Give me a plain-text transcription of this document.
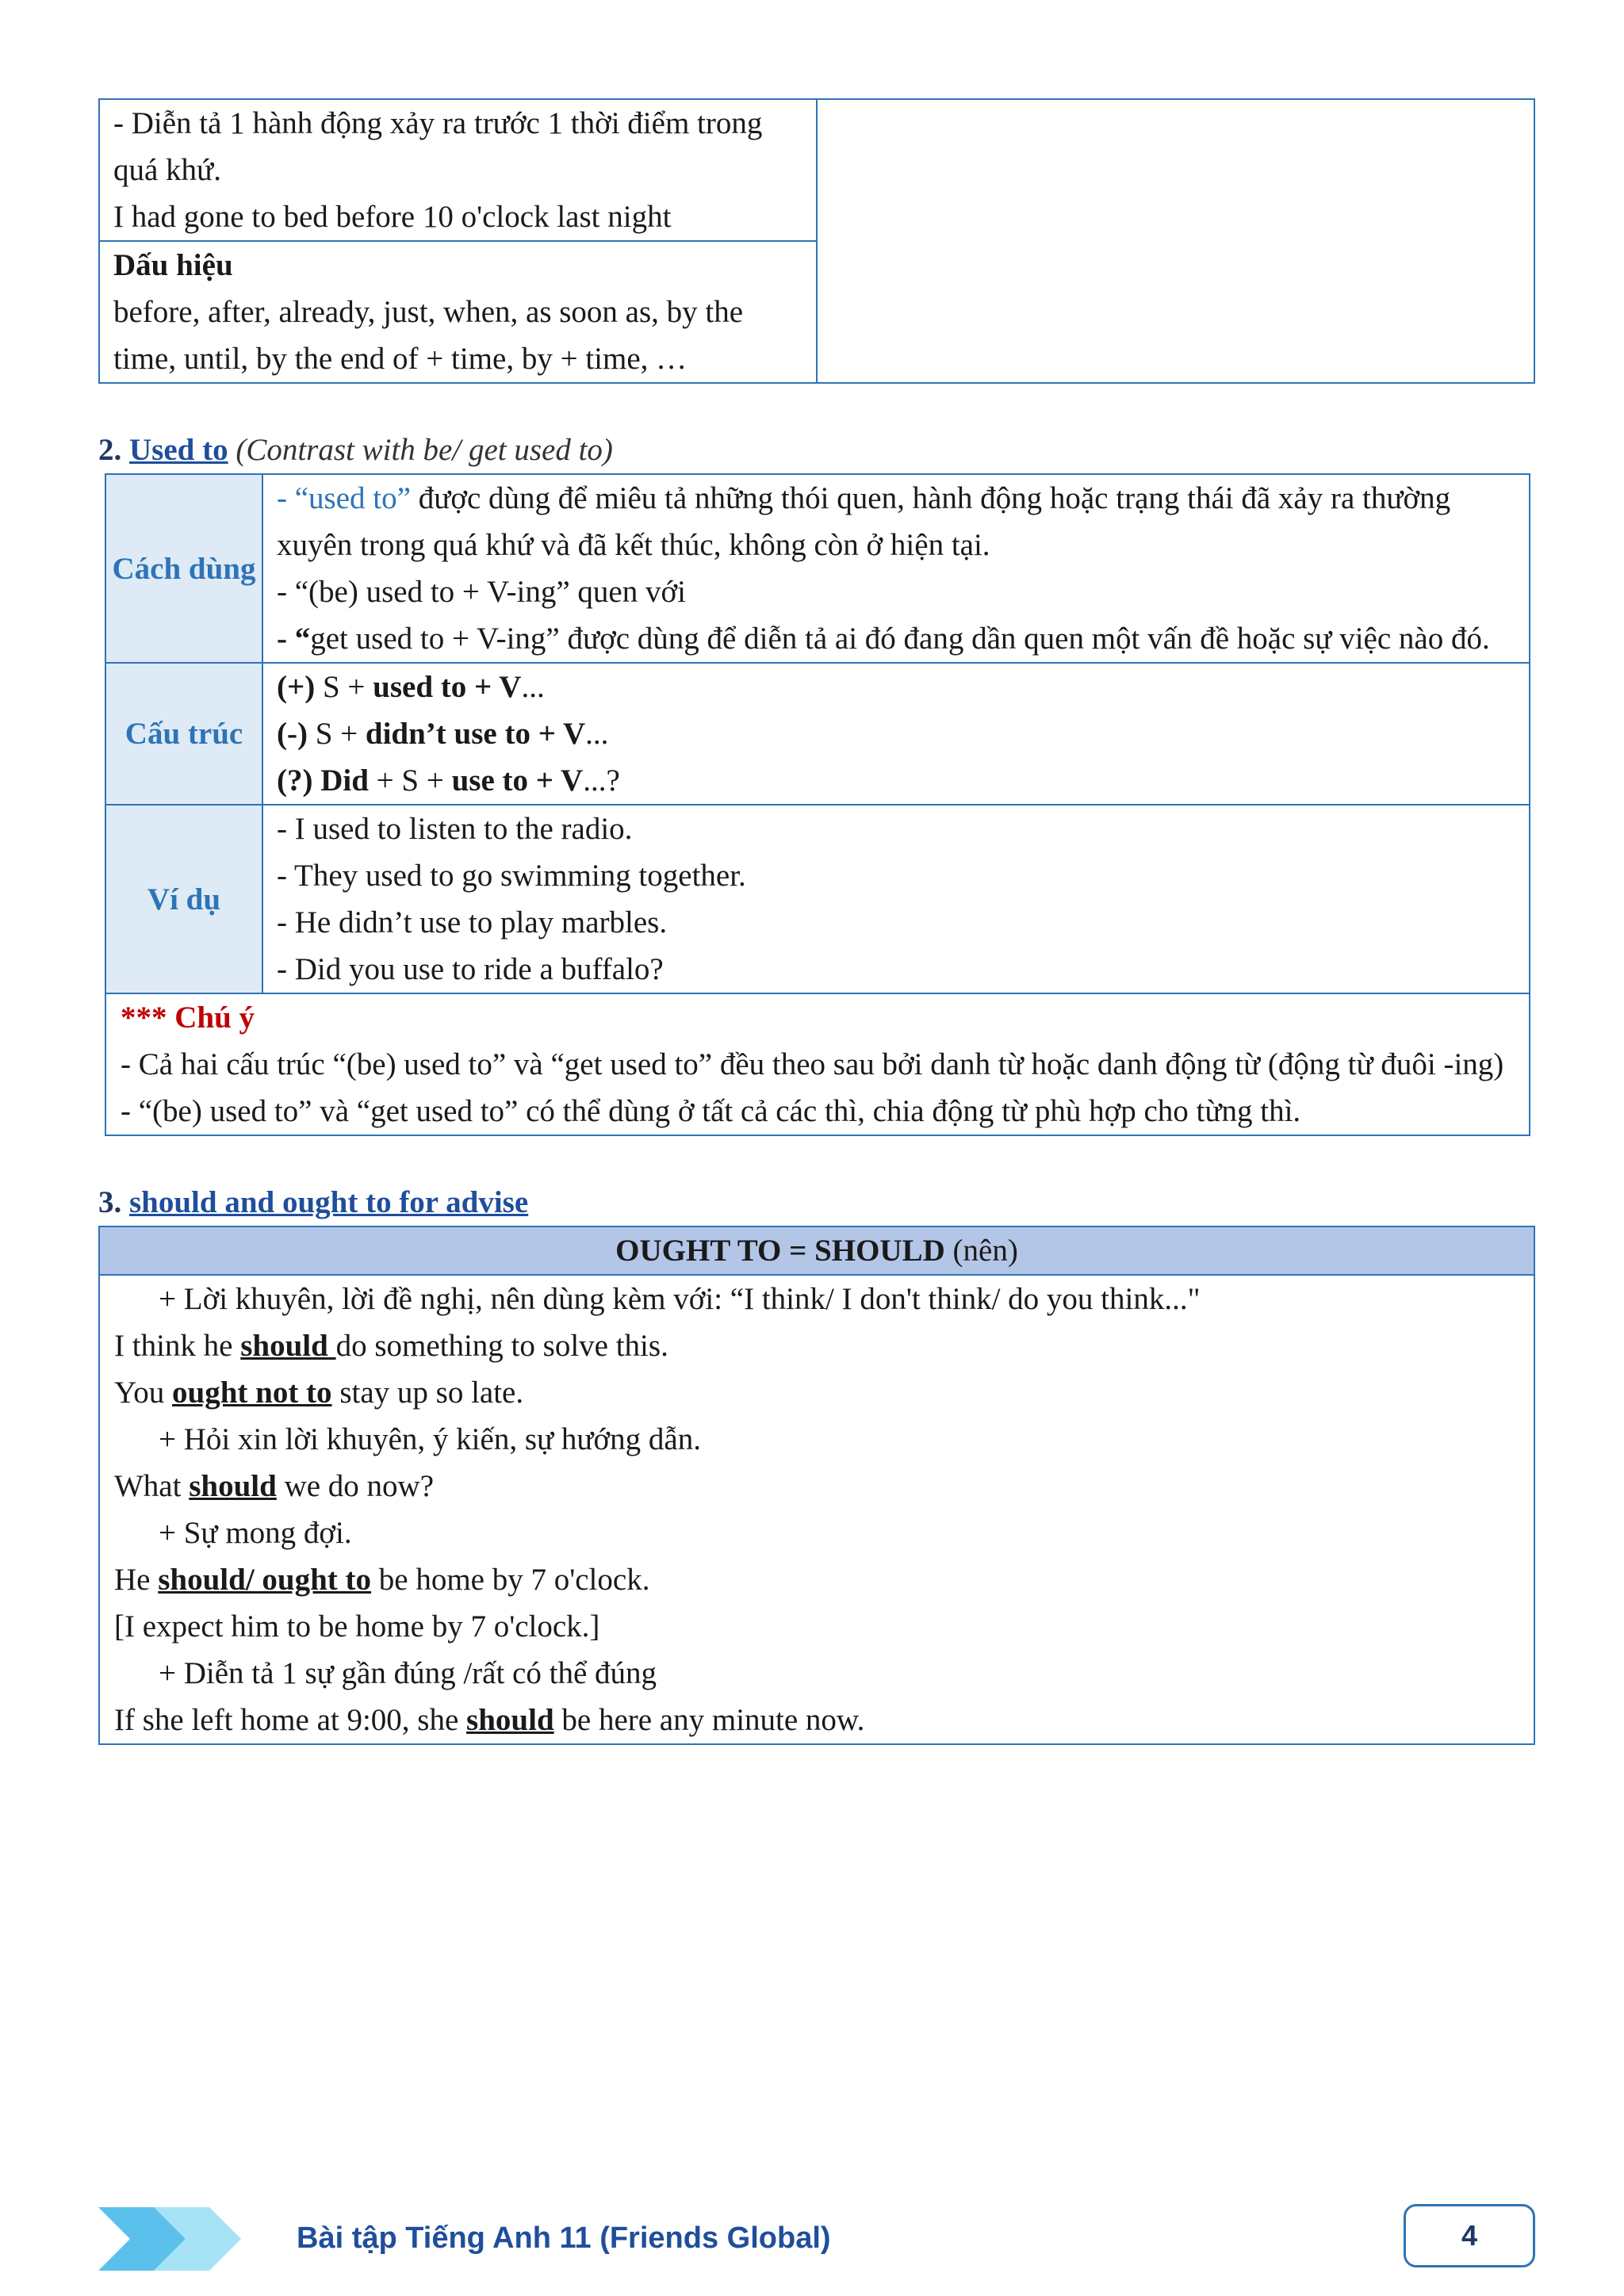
- Diễn tả 1 hành động xảy ra trước 1 thời điểm trong quá khứ.
I had gone to bed before 10 o'clock last night

Dấu hiệu
before, after, already, just, when, as soon as, by the time, until, by the end of + time, by + time, …
2. Used to (Contrast with be/ get used to)
Cách dùng	- “used to” được dùng để miêu tả những thói quen, hành động hoặc trạng thái đã xảy ra thường xuyên trong quá khứ và đã kết thúc, không còn ở hiện tại.
- “(be) used to + V-ing” quen với
- “get used to + V-ing” được dùng để diễn tả ai đó đang dần quen một vấn đề hoặc sự việc nào đó.

Cấu trúc	(+) S + used to + V...
(-) S + didn’t use to + V...
(?) Did + S + use to + V...?

Ví dụ	- I used to listen to the radio.
- They used to go swimming together.
- He didn’t use to play marbles.
- Did you use to ride a buffalo?

*** Chú ý
- Cả hai cấu trúc “(be) used to” và “get used to” đều theo sau bởi danh từ hoặc danh động từ (động từ đuôi -ing)
- “(be) used to” và “get used to” có thể dùng ở tất cả các thì, chia động từ phù hợp cho từng thì.	
3. should and ought to for advise
OUGHT TO = SHOULD (nên)

+ Lời khuyên, lời đề nghị, nên dùng kèm với: “I think/ I don't think/ do you think..."
I think he should do something to solve this.
You ought not to stay up so late.
+ Hỏi xin lời khuyên, ý kiến, sự hướng dẫn.
What should we do now?
+ Sự mong đợi.
He should/ ought to be home by 7 o'clock.
[I expect him to be home by 7 o'clock.]
+ Diễn tả 1 sự gần đúng /rất có thể đúng
If she left home at 9:00, she should be here any minute now.
Bài tập Tiếng Anh 11 (Friends Global)	4
